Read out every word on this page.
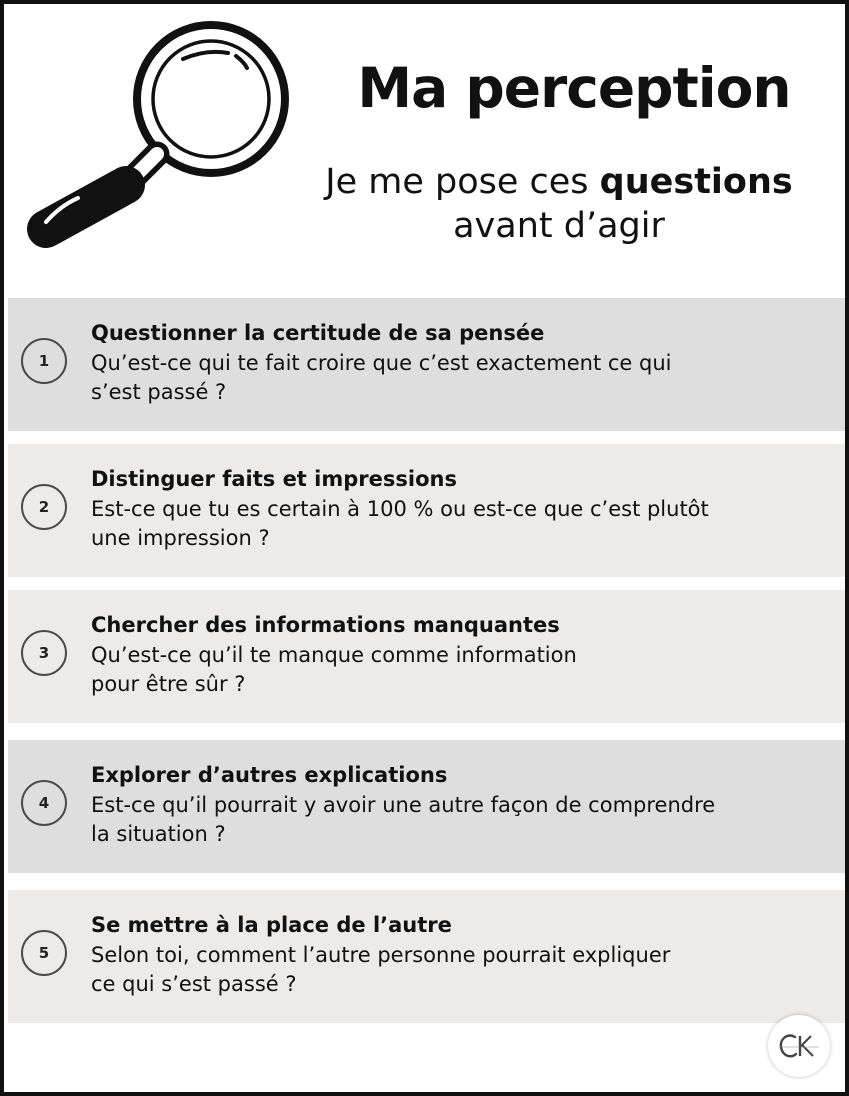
Ma perception
Je me pose ces questions
avant d’agir
1
Questionner la certitude de sa pensée
Qu’est-ce qui te fait croire que c’est exactement ce qui
s’est passé ?
2
Distinguer faits et impressions
Est-ce que tu es certain à 100 % ou est-ce que c’est plutôt
une impression ?
3
Chercher des informations manquantes
Qu’est-ce qu’il te manque comme information
pour être sûr ?
4
Explorer d’autres explications
Est-ce qu’il pourrait y avoir une autre façon de comprendre
la situation ?
5
Se mettre à la place de l’autre
Selon toi, comment l’autre personne pourrait expliquer
ce qui s’est passé ?
